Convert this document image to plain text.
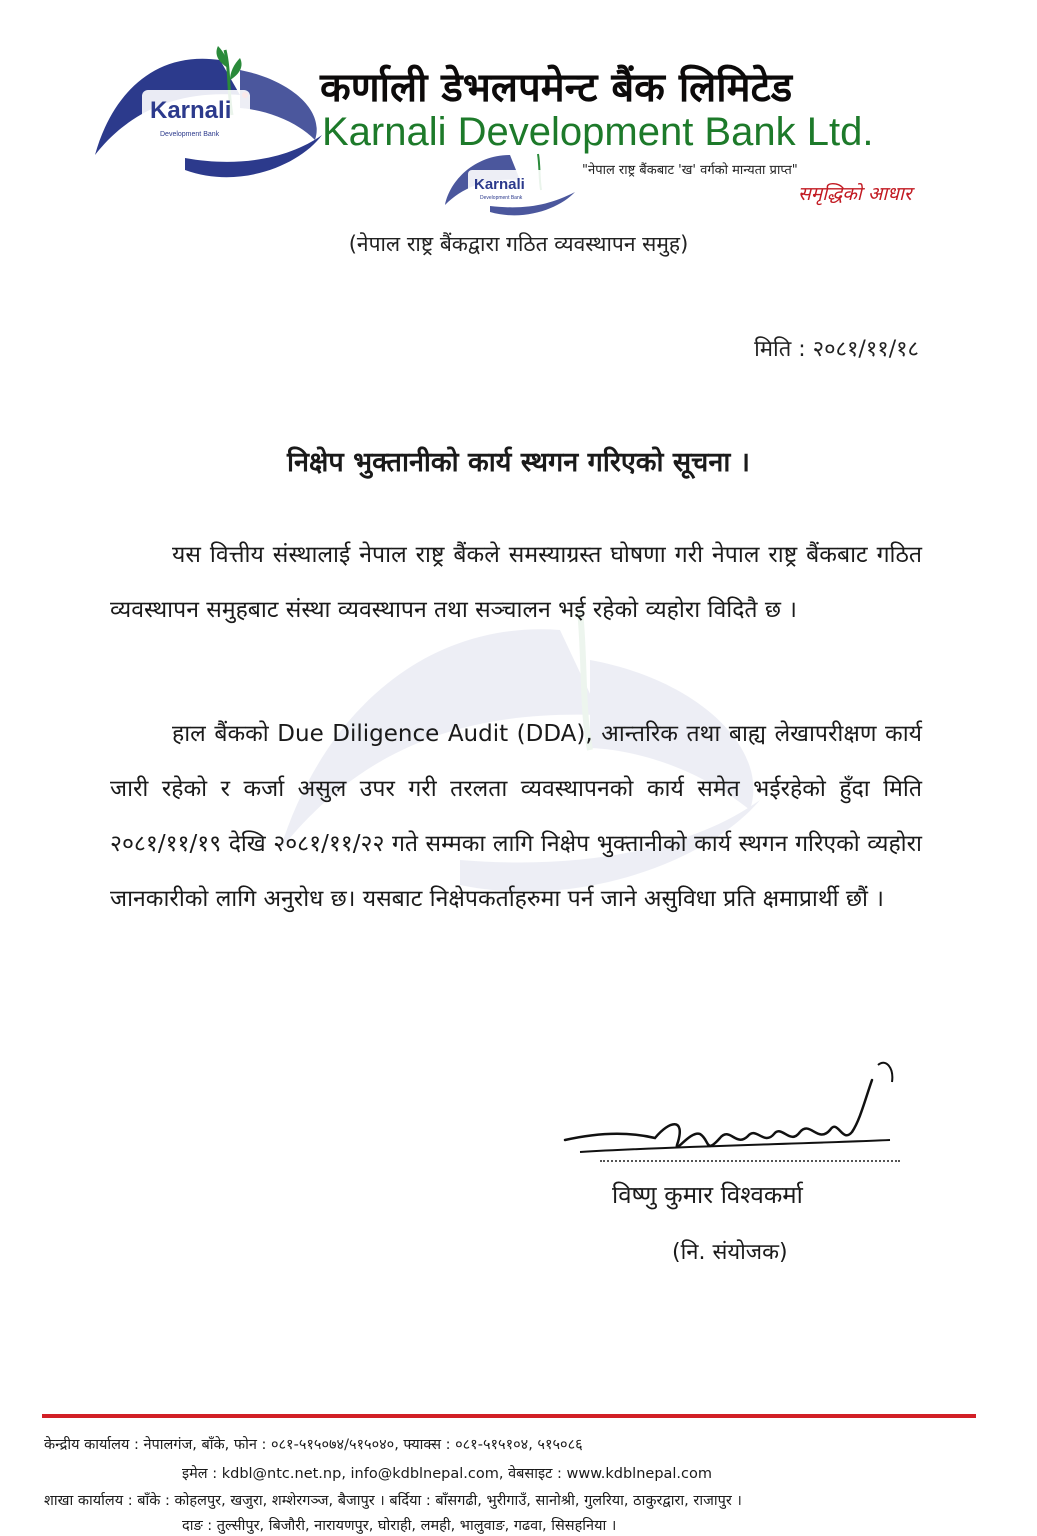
Karnali
Development Bank
कर्णाली डेभलपमेन्ट बैंक लिमिटेड
Karnali Development Bank Ltd.
Karnali
Development Bank
"नेपाल राष्ट्र बैंकबाट 'ख' वर्गको मान्यता प्राप्त"
समृद्धिको आधार
(नेपाल राष्ट्र बैंकद्वारा गठित व्यवस्थापन समुह)
मिति : २०८१/११/१८
निक्षेप भुक्तानीको कार्य स्थगन गरिएको सूचना ।
यस वित्तीय संस्थालाई नेपाल राष्ट्र बैंकले समस्याग्रस्त घोषणा गरी नेपाल राष्ट्र बैंकबाट गठित व्यवस्थापन समुहबाट संस्था व्यवस्थापन तथा सञ्चालन भई रहेको व्यहोरा विदितै छ ।
हाल बैंकको Due Diligence Audit (DDA), आन्तरिक तथा बाह्य लेखापरीक्षण कार्य जारी रहेको र कर्जा असुल उपर गरी तरलता व्यवस्थापनको कार्य समेत भईरहेको हुँदा मिति २०८१/११/१९ देखि २०८१/११/२२ गते सम्मका लागि निक्षेप भुक्तानीको कार्य स्थगन गरिएको व्यहोरा जानकारीको लागि अनुरोध छ। यसबाट निक्षेपकर्ताहरुमा पर्न जाने असुविधा प्रति क्षमाप्रार्थी छौं ।
विष्णु कुमार विश्वकर्मा
(नि. संयोजक)
केन्द्रीय कार्यालय : नेपालगंज, बाँके, फोन : ०८१-५१५०७४/५१५०४०, फ्याक्स : ०८१-५१५१०४, ५१५०८६
इमेल : kdbl@ntc.net.np, info@kdblnepal.com, वेबसाइट : www.kdblnepal.com
शाखा कार्यालय : बाँके : कोहलपुर, खजुरा, शम्शेरगञ्ज, बैजापुर । बर्दिया : बाँसगढी, भुरीगाउँ, सानोश्री, गुलरिया, ठाकुरद्वारा, राजापुर ।
दाङ : तुल्सीपुर, बिजौरी, नारायणपुर, घोराही, लमही, भालुवाङ, गढवा, सिसहनिया ।
